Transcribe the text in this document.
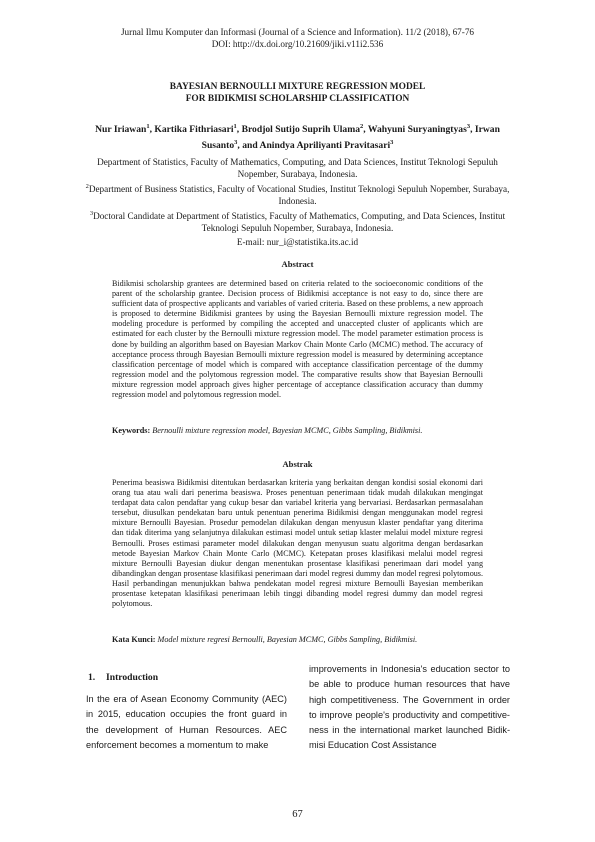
Jurnal Ilmu Komputer dan Informasi (Journal of a Science and Information). 11/2 (2018), 67-76
DOI: http://dx.doi.org/10.21609/jiki.v11i2.536
BAYESIAN BERNOULLI MIXTURE REGRESSION MODEL
FOR BIDIKMISI SCHOLARSHIP CLASSIFICATION
Nur Iriawan$^1$, Kartika Fithriasari$^1$, Brodjol Sutijo Suprih Ulama$^2$, Wahyuni Suryaningtyas$^3$, Irwan Susanto$^3$, and Anindya Apriliyanti Pravitasari$^3$
Department of Statistics, Faculty of Mathematics, Computing, and Data Sciences, Institut Teknologi Sepuluh Nopember, Surabaya, Indonesia.
$^2$Department of Business Statistics, Faculty of Vocational Studies, Institut Teknologi Sepuluh Nopember, Surabaya, Indonesia.
$^3$Doctoral Candidate at Department of Statistics, Faculty of Mathematics, Computing, and Data Sciences, Institut Teknologi Sepuluh Nopember, Surabaya, Indonesia.
E-mail: nur_i@statistika.its.ac.id
Abstract
Bidikmisi scholarship grantees are determined based on criteria related to the socioeconomic conditions of the parent of the scholarship grantee. Decision process of Bidikmisi acceptance is not easy to do, since there are sufficient data of prospective applicants and variables of varied criteria. Based on these problems, a new approach is proposed to determine Bidikmisi grantees by using the Bayesian Bernoulli mixture regression model. The modeling procedure is performed by compiling the accepted and unaccepted cluster of applicants which are estimated for each cluster by the Bernoulli mixture regression model. The model parameter estimation process is done by building an algorithm based on Bayesian Markov Chain Monte Carlo (MCMC) method. The accuracy of acceptance process through Bayesian Bernoulli mixture regression model is measured by determining acceptance classification percentage of model which is compared with acceptance classification percentage of the dummy regression model and the polytomous regression model. The comparative results show that Bayesian Bernoulli mixture regression model approach gives higher percentage of acceptance classification accuracy than dummy regression model and polytomous regression model.
Keywords: Bernoulli mixture regression model, Bayesian MCMC, Gibbs Sampling, Bidikmisi.
Abstrak
Penerima beasiswa Bidikmisi ditentukan berdasarkan kriteria yang berkaitan dengan kondisi sosial ekonomi dari orang tua atau wali dari penerima beasiswa. Proses penentuan penerimaan tidak mudah dilakukan mengingat terdapat data calon pendaftar yang cukup besar dan variabel kriteria yang bervariasi. Berdasarkan permasalahan tersebut, diusulkan pendekatan baru untuk penentuan penerima Bidikmisi dengan menggunakan model regresi mixture Bernoulli Bayesian. Prosedur pemodelan dilakukan dengan menyusun klaster pendaftar yang diterima dan tidak diterima yang selanjutnya dilakukan estimasi model untuk setiap klaster melalui model mixture regresi Bernoulli. Proses estimasi parameter model dilakukan dengan menyusun suatu algoritma dengan berdasarkan metode Bayesian Markov Chain Monte Carlo (MCMC). Ketepatan proses klasifikasi melalui model regresi mixture Bernoulli Bayesian diukur dengan menentukan prosentase klasifikasi penerimaan dari model yang dibandingkan dengan prosentase klasifikasi penerimaan dari model regresi dummy dan model regresi polytomous. Hasil perbandingan menunjukkan bahwa pendekatan model regresi mixture Bernoulli Bayesian memberikan prosentase ketepatan klasifikasi penerimaan lebih tinggi dibanding model regresi dummy dan model regresi polytomous.
Kata Kunci: Model mixture regresi Bernoulli, Bayesian MCMC, Gibbs Sampling, Bidikmisi.
1. Introduction
In the era of Asean Economy Community (AEC) in 2015, education occupies the front guard in the development of Human Resources. AEC enforcement becomes a momentum to make
improvements in Indonesia's education sector to be able to produce human resources that have high competitiveness. The Government in order to improve people's productivity and competitive-ness in the international market launched Bidik-misi Education Cost Assistance
67
